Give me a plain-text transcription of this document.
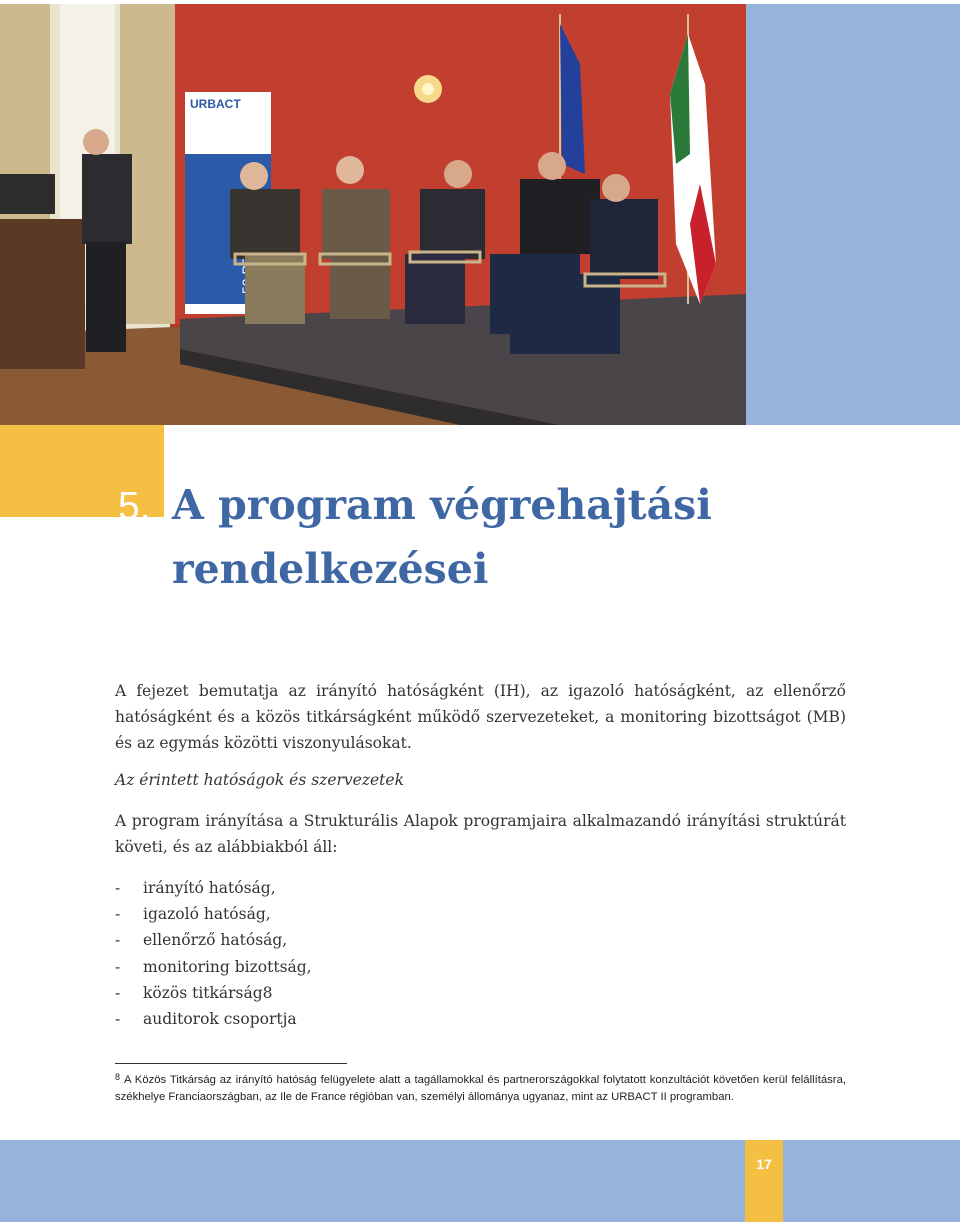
URBACT
5. A program végrehajtási
rendelkezései
A fejezet bemutatja az irányító hatóságként (IH), az igazoló hatóságként, az ellenőrző hatóságként és a közös titkárságként működő szervezeteket, a monitoring bizottságot (MB) és az egymás közötti viszonyulásokat.
Az érintett hatóságok és szervezetek
A program irányítása a Strukturális Alapok programjaira alkalmazandó irányítási struktúrát követi, és az alábbiakból áll:
-	irányító hatóság,
-	igazoló hatóság,
-	ellenőrző hatóság,
-	monitoring bizottság,
-	közös titkárság8
-	auditorok csoportja
$^8$ A Közös Titkárság az irányító hatóság felügyelete alatt a tagállamokkal és partnerországokkal folytatott konzultációt követően kerül felállításra, székhelye Franciaországban, az Ile de France régióban van, személyi állománya ugyanaz, mint az URBACT II programban.
17
